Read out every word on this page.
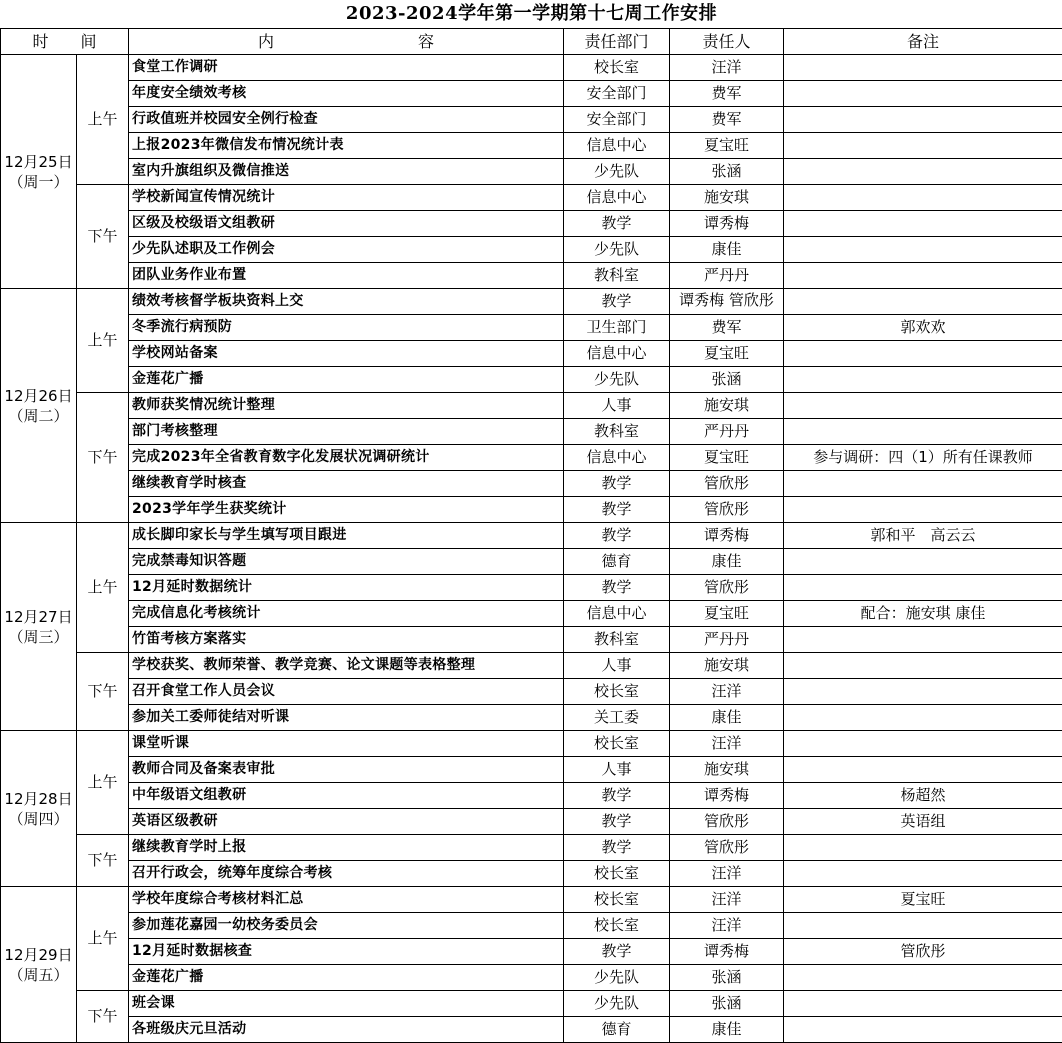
2023-2024学年第一学期第十七周工作安排					
时　　间		内　　　　　　　　　容	责任部门	责任人	备注

12月25日
（周一）	上午	食堂工作调研	校长室	汪洋	
		年度安全绩效考核	安全部门	费军	
		行政值班并校园安全例行检查	安全部门	费军	
		上报2023年微信发布情况统计表	信息中心	夏宝旺	
		室内升旗组织及微信推送	少先队	张涵	
	下午	学校新闻宣传情况统计	信息中心	施安琪	
		区级及校级语文组教研	教学	谭秀梅	
		少先队述职及工作例会	少先队	康佳	
		团队业务作业布置	教科室	严丹丹	

12月26日
（周二）	上午	绩效考核督学板块资料上交	教学	谭秀梅 管欣彤	

		冬季流行病预防	卫生部门	费军	郭欢欢
		学校网站备案	信息中心	夏宝旺	
		金莲花广播	少先队	张涵	
	下午	教师获奖情况统计整理	人事	施安琪	
		部门考核整理	教科室	严丹丹	
		完成2023年全省教育数字化发展状况调研统计	信息中心	夏宝旺	参与调研：四（1）所有任课教师
		继续教育学时核查	教学	管欣彤	
		2023学年学生获奖统计	教学	管欣彤	

12月27日
（周三）	上午	成长脚印家长与学生填写项目跟进	教学	谭秀梅	郭和平　高云云
		完成禁毒知识答题	德育	康佳	
		12月延时数据统计	教学	管欣彤	
		完成信息化考核统计	信息中心	夏宝旺	配合：施安琪 康佳
		竹笛考核方案落实	教科室	严丹丹	
	下午	学校获奖、教师荣誉、教学竞赛、论文课题等表格整理	人事	施安琪	
		召开食堂工作人员会议	校长室	汪洋	
		参加关工委师徒结对听课	关工委	康佳	

12月28日
（周四）	上午	课堂听课	校长室	汪洋	
		教师合同及备案表审批	人事	施安琪	
		中年级语文组教研	教学	谭秀梅	杨超然
		英语区级教研	教学	管欣彤	英语组
	下午	继续教育学时上报	教学	管欣彤	
		召开行政会，统筹年度综合考核	校长室	汪洋	

12月29日
（周五）	上午	学校年度综合考核材料汇总	校长室	汪洋	夏宝旺
		参加莲花嘉园一幼校务委员会	校长室	汪洋	
		12月延时数据核查	教学	谭秀梅	管欣彤
		金莲花广播	少先队	张涵	
	下午	班会课	少先队	张涵	
		各班级庆元旦活动	德育	康佳	
